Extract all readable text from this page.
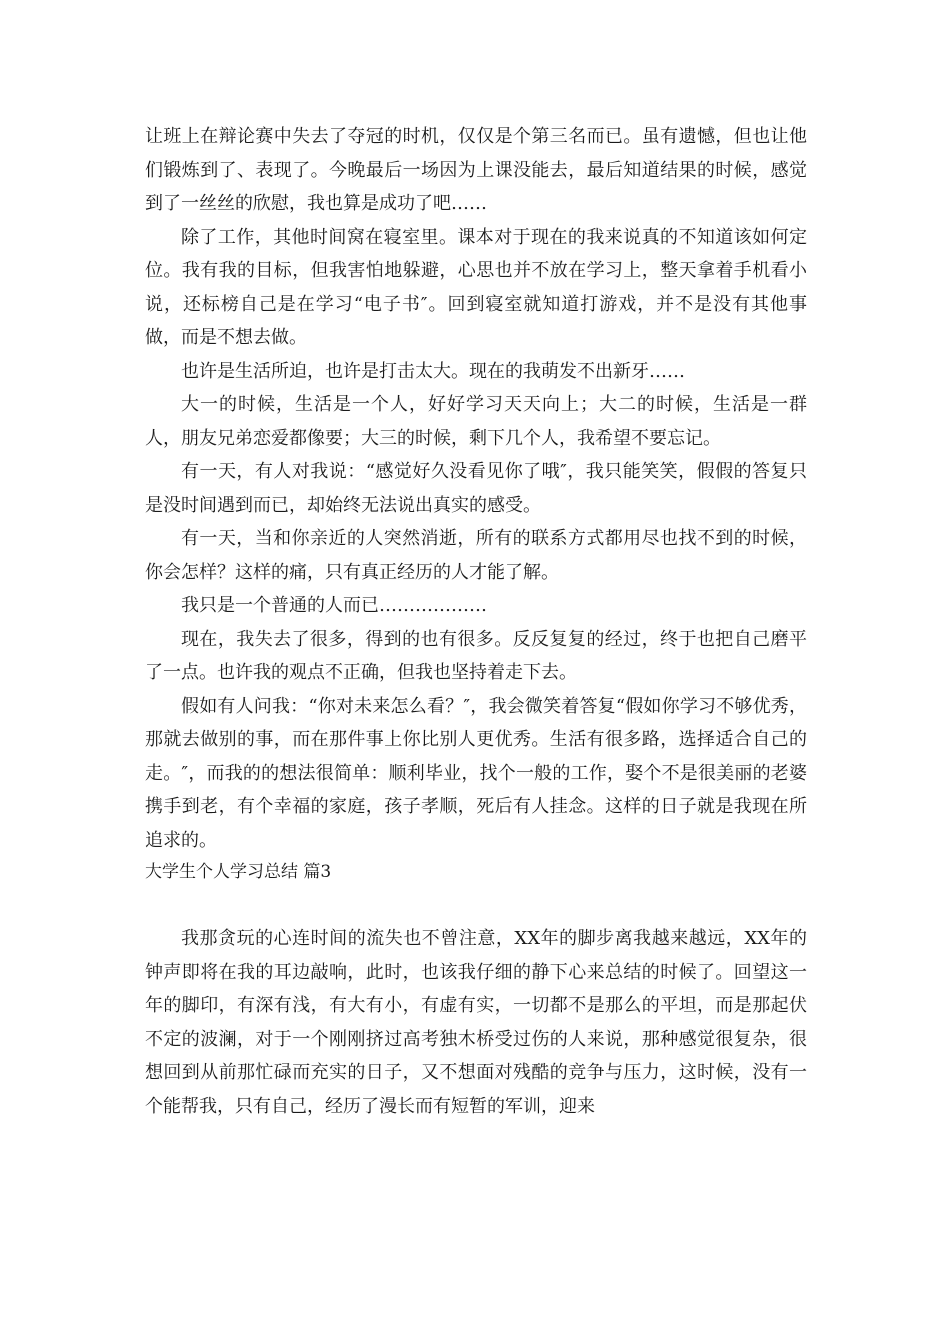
让班上在辩论赛中失去了夺冠的时机，仅仅是个第三名而已。虽有遗憾，但也让他们锻炼到了、表现了。今晚最后一场因为上课没能去，最后知道结果的时候，感觉到了一丝丝的欣慰，我也算是成功了吧……

除了工作，其他时间窝在寝室里。课本对于现在的我来说真的不知道该如何定位。我有我的目标，但我害怕地躲避，心思也并不放在学习上，整天拿着手机看小说，还标榜自己是在学习“电子书″。回到寝室就知道打游戏，并不是没有其他事做，而是不想去做。

也许是生活所迫，也许是打击太大。现在的我萌发不出新牙……

大一的时候，生活是一个人，好好学习天天向上；大二的时候，生活是一群人，朋友兄弟恋爱都像要；大三的时候，剩下几个人，我希望不要忘记。

有一天，有人对我说：“感觉好久没看见你了哦″，我只能笑笑，假假的答复只是没时间遇到而已，却始终无法说出真实的感受。

有一天，当和你亲近的人突然消逝，所有的联系方式都用尽也找不到的时候，你会怎样？这样的痛，只有真正经历的人才能了解。

我只是一个普通的人而已………………

现在，我失去了很多，得到的也有很多。反反复复的经过，终于也把自己磨平了一点。也许我的观点不正确，但我也坚持着走下去。

假如有人问我：“你对未来怎么看？″，我会微笑着答复“假如你学习不够优秀，那就去做别的事，而在那件事上你比别人更优秀。生活有很多路，选择适合自己的走。″，而我的的想法很简单：顺利毕业，找个一般的工作，娶个不是很美丽的老婆携手到老，有个幸福的家庭，孩子孝顺，死后有人挂念。这样的日子就是我现在所追求的。

大学生个人学习总结 篇3

我那贪玩的心连时间的流失也不曾注意，XX年的脚步离我越来越远，XX年的钟声即将在我的耳边敲响，此时，也该我仔细的静下心来总结的时候了。回望这一年的脚印，有深有浅，有大有小，有虚有实，一切都不是那么的平坦，而是那起伏不定的波澜，对于一个刚刚挤过高考独木桥受过伤的人来说，那种感觉很复杂，很想回到从前那忙碌而充实的日子，又不想面对残酷的竞争与压力，这时候，没有一个能帮我，只有自己，经历了漫长而有短暂的军训，迎来
